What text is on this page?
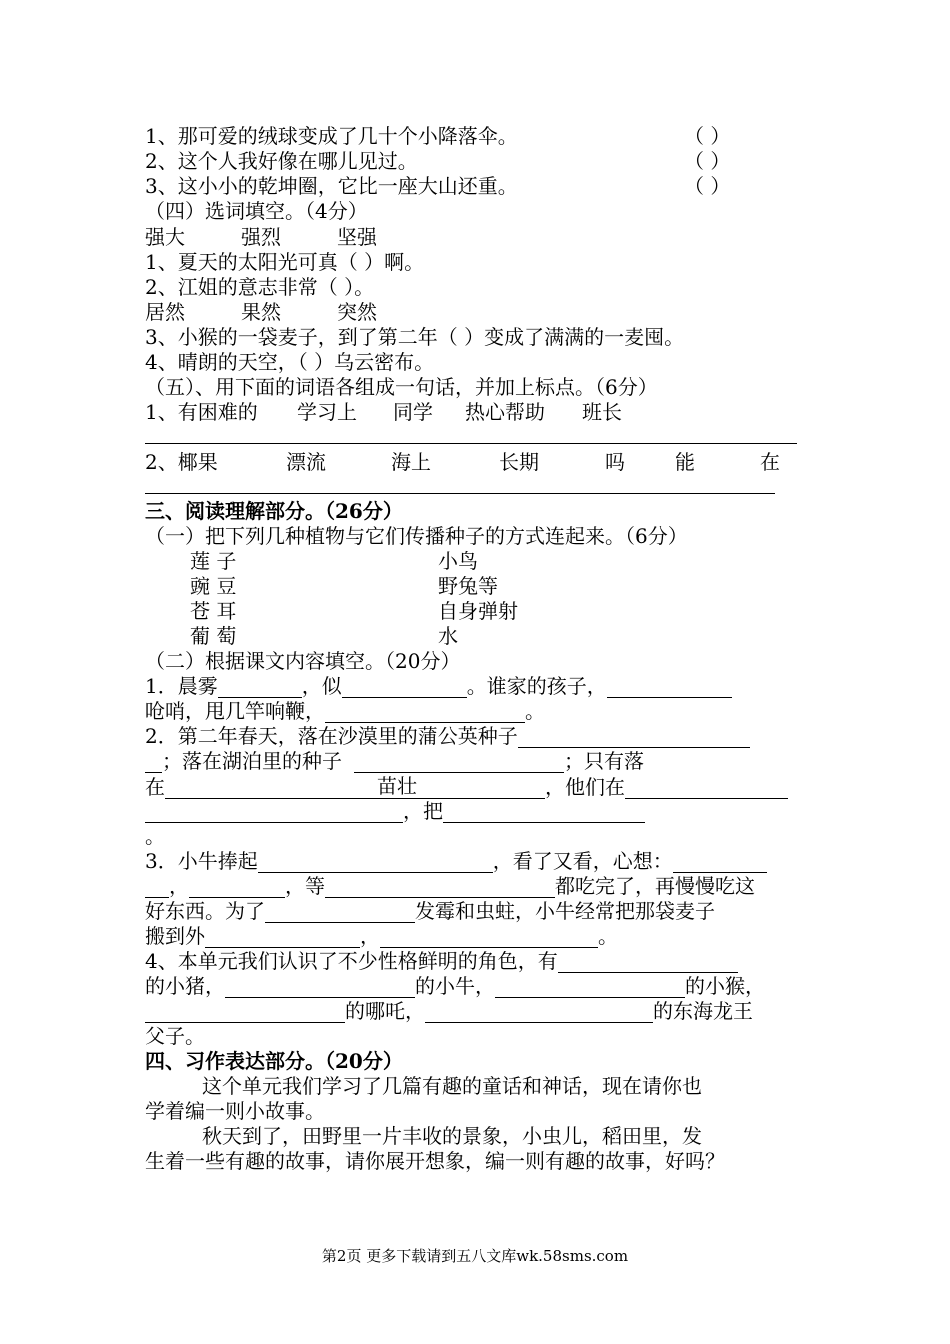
1、那可爱的绒球变成了几十个小降落伞。	（ ）
2、这个人我好像在哪儿见过。	（ ）
3、这小小的乾坤圈，它比一座大山还重。	（ ）
（四）选词填空。（4分）
强大	强烈	坚强
1、夏天的太阳光可真（ ）啊。
2、江姐的意志非常（ ）。
居然	果然	突然
3、小猴的一袋麦子，到了第二年（ ）变成了满满的一麦囤。
4、晴朗的天空，（ ）乌云密布。
（五）、用下面的词语各组成一句话，并加上标点。（6分）
1、有困难的 学习上 同学 热心帮助 班长
2、椰果	漂流	海上	长期	吗	能	在
三、阅读理解部分。（26分）
（一）把下列几种植物与它们传播种子的方式连起来。（6分）
莲 子	小鸟
豌 豆	野兔等
苍 耳	自身弹射
葡 萄	水
（二）根据课文内容填空。（20分）
1．晨雾	，似	。谁家的孩子，
呛哨，甩几竿响鞭，	。
2．第二年春天，落在沙漠里的蒲公英种子
；落在湖泊里的种子	；只有落
在	苗壮	，他们在
，把
。
3．小牛捧起	，看了又看，心想：
，	，等	都吃完了，再慢慢吃这
好东西。为了	发霉和虫蛀，小牛经常把那袋麦子
搬到外	，	。
4、本单元我们认识了不少性格鲜明的角色，有
的小猪，	的小牛，	的小猴，
的哪吒，	的东海龙王
父子。
四、习作表达部分。（20分）
这个单元我们学习了几篇有趣的童话和神话，现在请你也
学着编一则小故事。
秋天到了，田野里一片丰收的景象，小虫儿，稻田里，发
生着一些有趣的故事，请你展开想象，编一则有趣的故事，好吗？
第2页 更多下载请到五八文库wk.58sms.com
